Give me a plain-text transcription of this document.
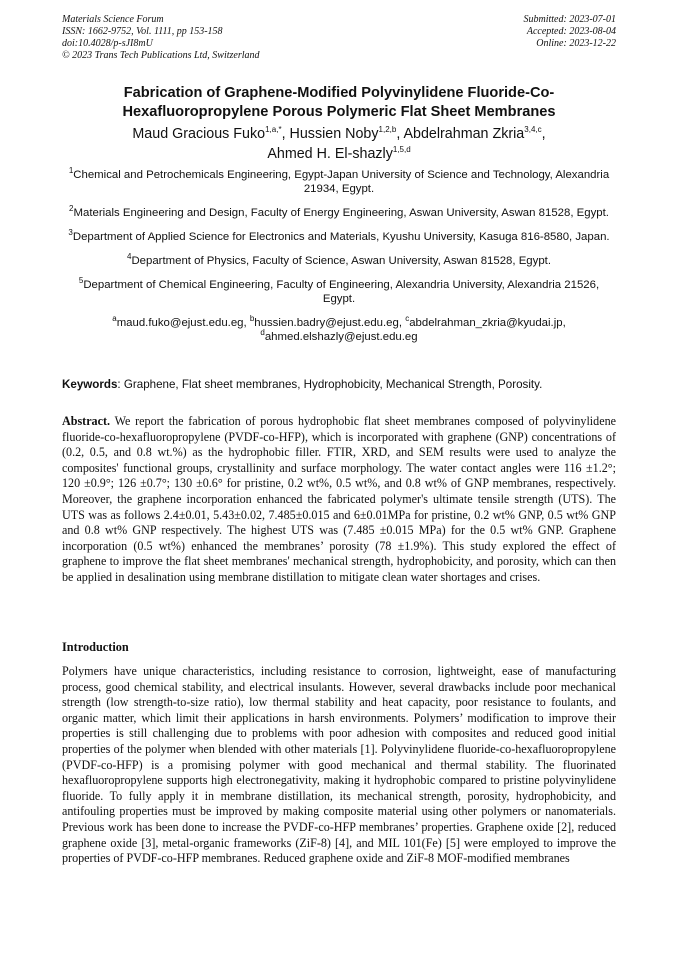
Materials Science Forum
ISSN: 1662-9752, Vol. 1111, pp 153-158
doi:10.4028/p-sJI8mU
© 2023 Trans Tech Publications Ltd, Switzerland
Submitted: 2023-07-01
Accepted: 2023-08-04
Online: 2023-12-22
Fabrication of Graphene-Modified Polyvinylidene Fluoride-Co-
Hexafluoropropylene Porous Polymeric Flat Sheet Membranes
Maud Gracious Fuko$^{1,a,*}$, Hussien Noby$^{1,2,b}$, Abdelrahman Zkria$^{3,4,c}$,
Ahmed H. El-shazly$^{1,5,d}$
$^1$Chemical and Petrochemicals Engineering, Egypt-Japan University of Science and Technology, Alexandria 21934, Egypt.
$^2$Materials Engineering and Design, Faculty of Energy Engineering, Aswan University, Aswan 81528, Egypt.
$^3$Department of Applied Science for Electronics and Materials, Kyushu University, Kasuga 816-8580, Japan.
$^4$Department of Physics, Faculty of Science, Aswan University, Aswan 81528, Egypt.
$^5$Department of Chemical Engineering, Faculty of Engineering, Alexandria University, Alexandria 21526, Egypt.
$^a$maud.fuko@ejust.edu.eg, $^b$hussien.badry@ejust.edu.eg, $^c$abdelrahman_zkria@kyudai.jp,
$^d$ahmed.elshazly@ejust.edu.eg
Keywords: Graphene, Flat sheet membranes, Hydrophobicity, Mechanical Strength, Porosity.
Abstract. We report the fabrication of porous hydrophobic flat sheet membranes composed of polyvinylidene fluoride-co-hexafluoropropylene (PVDF-co-HFP), which is incorporated with graphene (GNP) concentrations of (0.2, 0.5, and 0.8 wt.%) as the hydrophobic filler. FTIR, XRD, and SEM results were used to analyze the composites' functional groups, crystallinity and surface morphology. The water contact angles were 116 ±1.2°; 120 ±0.9°; 126 ±0.7°; 130 ±0.6° for pristine, 0.2 wt%, 0.5 wt%, and 0.8 wt% of GNP membranes, respectively. Moreover, the graphene incorporation enhanced the fabricated polymer's ultimate tensile strength (UTS). The UTS was as follows 2.4±0.01, 5.43±0.02, 7.485±0.015 and 6±0.01MPa for pristine, 0.2 wt% GNP, 0.5 wt% GNP and 0.8 wt% GNP respectively. The highest UTS was (7.485 ±0.015 MPa) for the 0.5 wt% GNP. Graphene incorporation (0.5 wt%) enhanced the membranes’ porosity (78 ±1.9%). This study explored the effect of graphene to improve the flat sheet membranes' mechanical strength, hydrophobicity, and porosity, which can then be applied in desalination using membrane distillation to mitigate clean water shortages and crises.
Introduction
Polymers have unique characteristics, including resistance to corrosion, lightweight, ease of manufacturing process, good chemical stability, and electrical insulants. However, several drawbacks include poor mechanical strength (low strength-to-size ratio), low thermal stability and heat capacity, poor resistance to foulants, and organic matter, which limit their applications in harsh environments. Polymers’ modification to improve their properties is still challenging due to problems with poor adhesion with composites and reduced good initial properties of the polymer when blended with other materials [1]. Polyvinylidene fluoride-co-hexafluoropropylene (PVDF-co-HFP) is a promising polymer with good mechanical and thermal stability. The fluorinated hexafluoropropylene supports high electronegativity, making it hydrophobic compared to pristine polyvinylidene fluoride. To fully apply it in membrane distillation, its mechanical strength, porosity, hydrophobicity, and antifouling properties must be improved by making composite material using other polymers or nanomaterials. Previous work has been done to increase the PVDF-co-HFP membranes’ properties. Graphene oxide [2], reduced graphene oxide [3], metal-organic frameworks (ZiF-8) [4], and MIL 101(Fe) [5] were employed to improve the properties of PVDF-co-HFP membranes. Reduced graphene oxide and ZiF-8 MOF-modified membranes
